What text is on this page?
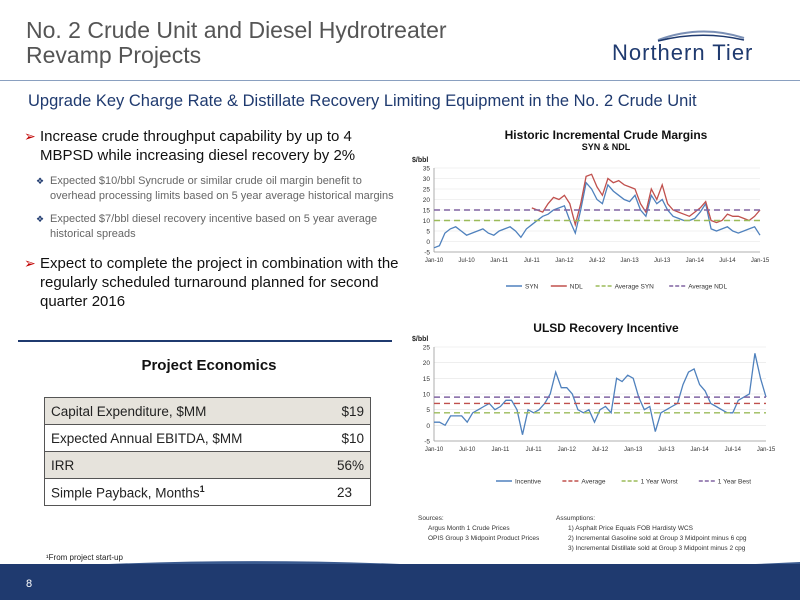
No. 2 Crude Unit and Diesel Hydrotreater
Revamp Projects	Northern Tier
Upgrade Key Charge Rate & Distillate Recovery Limiting Equipment in the No. 2 Crude Unit
➢ Increase crude throughput capability by up to 4 MBPSD while increasing diesel recovery by 2%
❖ Expected $10/bbl Syncrude or similar crude oil margin benefit to overhead processing limits based on 5 year average historical margins
❖ Expected $7/bbl diesel recovery incentive based on 5 year average historical spreads
➢ Expect to complete the project in combination with the regularly scheduled turnaround planned for second quarter 2016
Project Economics
Capital Expenditure, $MM	$19
Expected Annual EBITDA, $MM	$10
IRR	56%
Simple Payback, Months$^1$	23
¹From project start-up
Historic Incremental Crude Margins
SYN & NDL
$/bbl
-5
0
5
10
15
20
25
30
35
Jan-10	Jul-10	Jan-11	Jul-11	Jan-12	Jul-12	Jan-13	Jul-13	Jan-14	Jul-14	Jan-15
SYN	NDL	Average SYN	Average NDL
ULSD Recovery Incentive
$/bbl
-5
0
5
10
15
20
25
Jan-10	Jul-10	Jan-11	Jul-11	Jan-12	Jul-12	Jan-13	Jul-13	Jan-14	Jul-14	Jan-15
Incentive	Average	1 Year Worst	1 Year Best
Sources:
Argus Month 1 Crude Prices
OPIS Group 3 Midpoint Product Prices
Assumptions:
1) Asphalt Price Equals FOB Hardisty WCS
2) Incremental Gasoline sold at Group 3 Midpoint minus 6 cpg
3) Incremental Distillate sold at Group 3 Midpoint minus 2 cpg
8
